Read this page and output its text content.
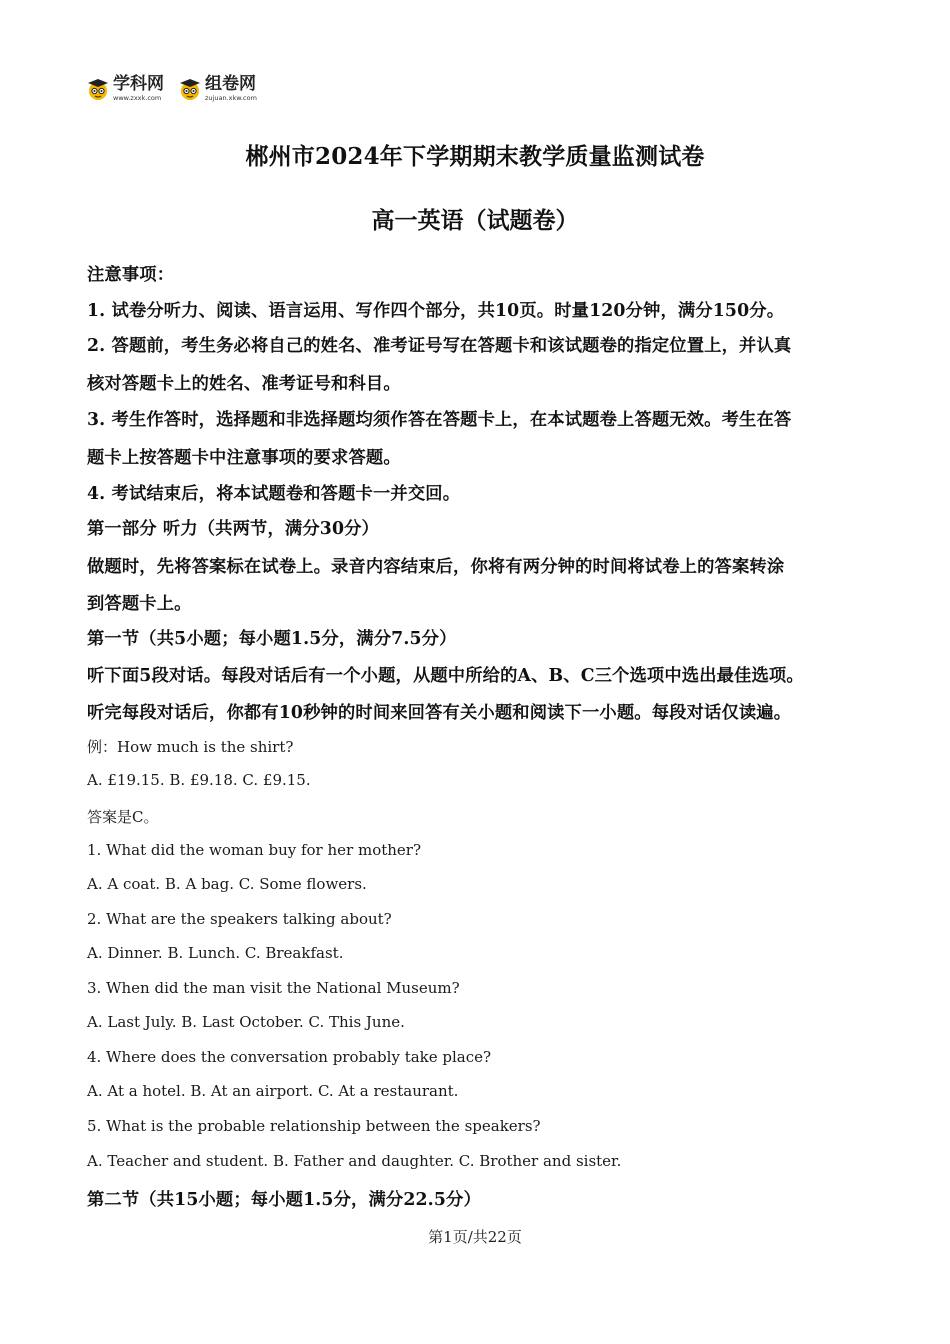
学科网
www.zxxk.com
组卷网
zujuan.xkw.com
郴州市2024年下学期期末教学质量监测试卷
高一英语（试题卷）
注意事项：
1. 试卷分听力、阅读、语言运用、写作四个部分，共10页。时量120分钟，满分150分。
2. 答题前，考生务必将自己的姓名、准考证号写在答题卡和该试题卷的指定位置上，并认真
核对答题卡上的姓名、准考证号和科目。
3. 考生作答时，选择题和非选择题均须作答在答题卡上，在本试题卷上答题无效。考生在答
题卡上按答题卡中注意事项的要求答题。
4. 考试结束后，将本试题卷和答题卡一并交回。
第一部分 听力（共两节，满分30分）
做题时，先将答案标在试卷上。录音内容结束后，你将有两分钟的时间将试卷上的答案转涂
到答题卡上。
第一节（共5小题；每小题1.5分，满分7.5分）
听下面5段对话。每段对话后有一个小题，从题中所给的A、B、C三个选项中选出最佳选项。
听完每段对话后，你都有10秒钟的时间来回答有关小题和阅读下一小题。每段对话仅读遍。
例：How much is the shirt?
A. £19.15. B. £9.18. C. £9.15.
答案是C。
1. What did the woman buy for her mother?
A. A coat. B. A bag. C. Some flowers.
2. What are the speakers talking about?
A. Dinner. B. Lunch. C. Breakfast.
3. When did the man visit the National Museum?
A. Last July. B. Last October. C. This June.
4. Where does the conversation probably take place?
A. At a hotel. B. At an airport. C. At a restaurant.
5. What is the probable relationship between the speakers?
A. Teacher and student. B. Father and daughter. C. Brother and sister.
第二节（共15小题；每小题1.5分，满分22.5分）
第1页/共22页
